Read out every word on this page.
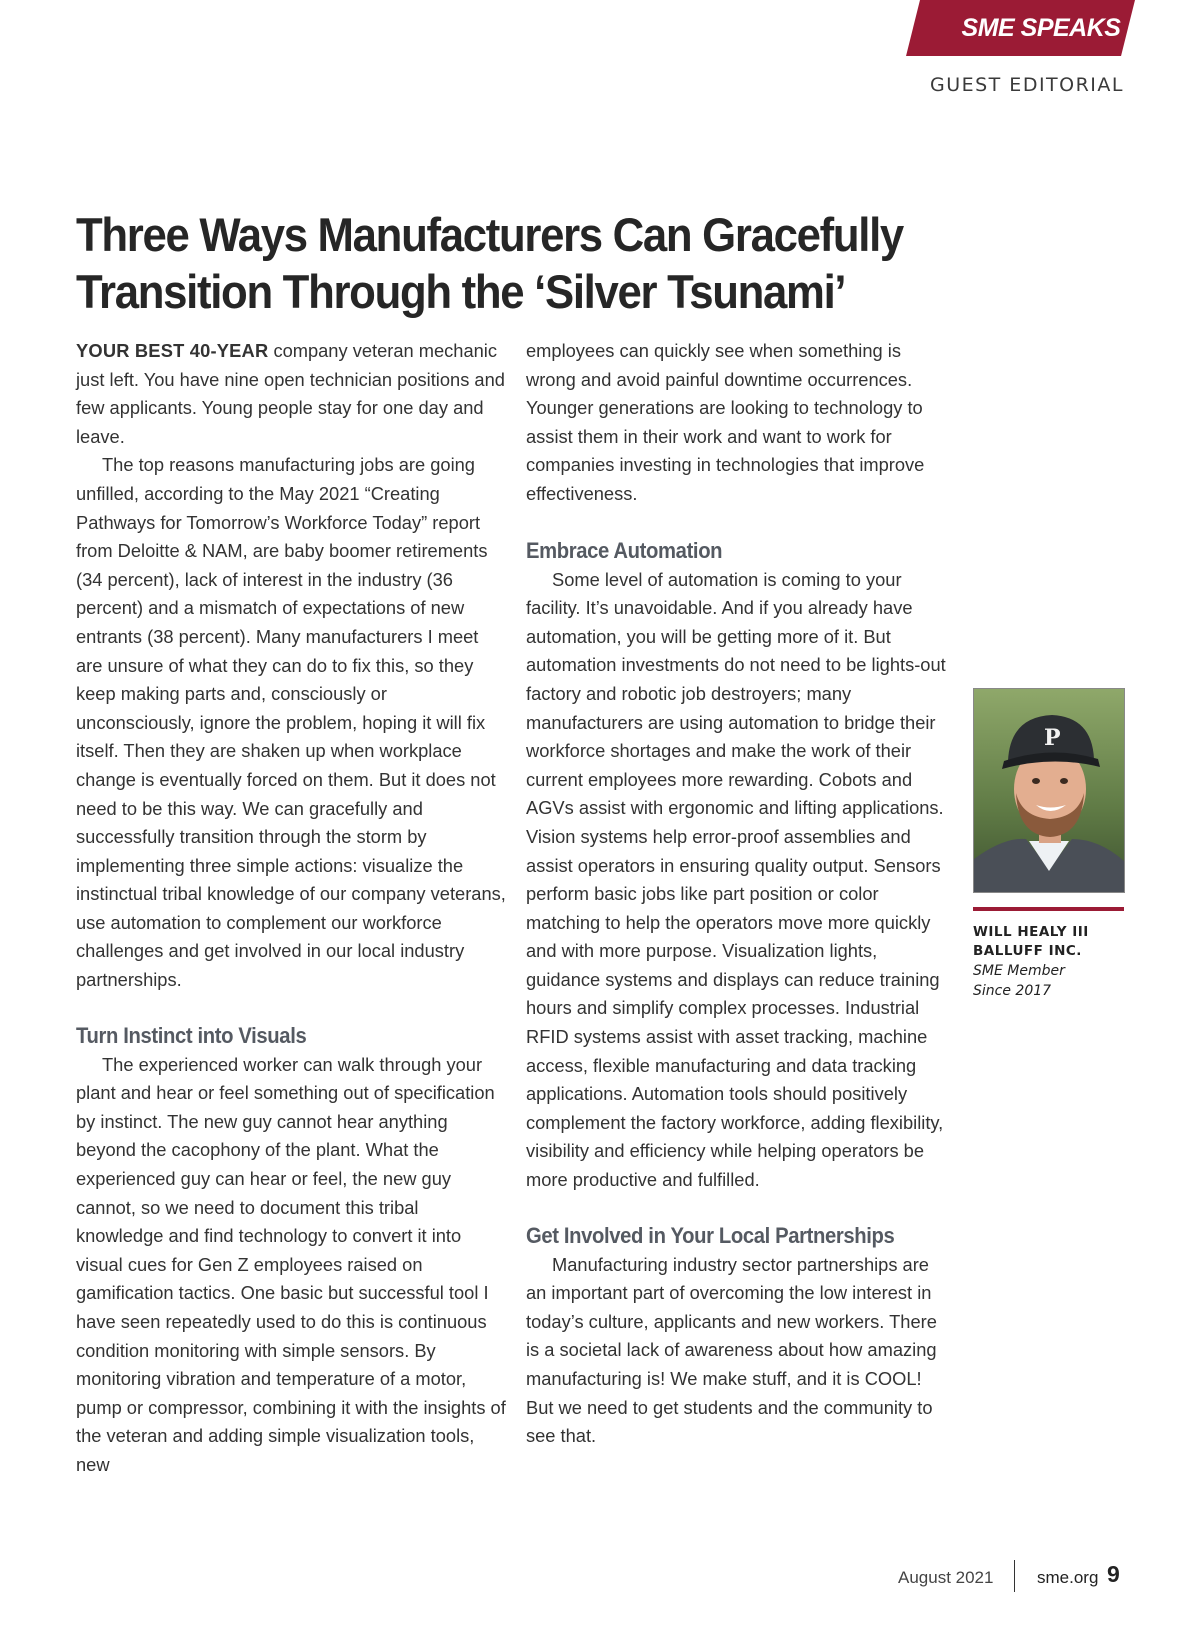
SME SPEAKS
GUEST EDITORIAL
Three Ways Manufacturers Can Gracefully
Transition Through the ‘Silver Tsunami’

YOUR BEST 40-YEAR company veteran mechanic just left. You have nine open technician positions and few applicants. Young people stay for one day and leave.

The top reasons manufacturing jobs are going unfilled, according to the May 2021 “Creating Pathways for Tomorrow’s Workforce Today” report from Deloitte & NAM, are baby boomer retirements (34 percent), lack of interest in the industry (36 percent) and a mismatch of expectations of new entrants (38 percent). Many manufacturers I meet are unsure of what they can do to fix this, so they keep making parts and, consciously or unconsciously, ignore the problem, hoping it will fix itself. Then they are shaken up when workplace change is eventually forced on them. But it does not need to be this way. We can gracefully and successfully transition through the storm by implementing three simple actions: visualize the instinctual tribal knowledge of our company veterans, use automation to complement our workforce challenges and get involved in our local industry partnerships.

Turn Instinct into Visuals

The experienced worker can walk through your plant and hear or feel something out of specification by instinct. The new guy cannot hear anything beyond the cacophony of the plant. What the experienced guy can hear or feel, the new guy cannot, so we need to document this tribal knowledge and find technology to convert it into visual cues for Gen Z employees raised on gamification tactics. One basic but successful tool I have seen repeatedly used to do this is continuous condition monitoring with simple sensors. By monitoring vibration and temperature of a motor, pump or compressor, combining it with the insights of the veteran and adding simple visualization tools, new

employees can quickly see when something is wrong and avoid painful downtime occurrences. Younger generations are looking to technology to assist them in their work and want to work for companies investing in technologies that improve effectiveness.

Embrace Automation

Some level of automation is coming to your facility. It’s unavoidable. And if you already have automation, you will be getting more of it. But automation investments do not need to be lights-out factory and robotic job destroyers; many manufacturers are using automation to bridge their workforce shortages and make the work of their current employees more rewarding. Cobots and AGVs assist with ergonomic and lifting applications. Vision systems help error-proof assemblies and assist operators in ensuring quality output. Sensors perform basic jobs like part position or color matching to help the operators move more quickly and with more purpose. Visualization lights, guidance systems and displays can reduce training hours and simplify complex processes. Industrial RFID systems assist with asset tracking, machine access, flexible manufacturing and data tracking applications. Automation tools should positively complement the factory workforce, adding flexibility, visibility and efficiency while helping operators be more productive and fulfilled.

Get Involved in Your Local Partnerships

Manufacturing industry sector partnerships are an important part of overcoming the low interest in today’s culture, applicants and new workers. There is a societal lack of awareness about how amazing manufacturing is! We make stuff, and it is COOL! But we need to get students and the community to see that.

P
WILL HEALY III
BALLUFF INC.
SME Member
Since 2017
August 2021	sme.org 9
